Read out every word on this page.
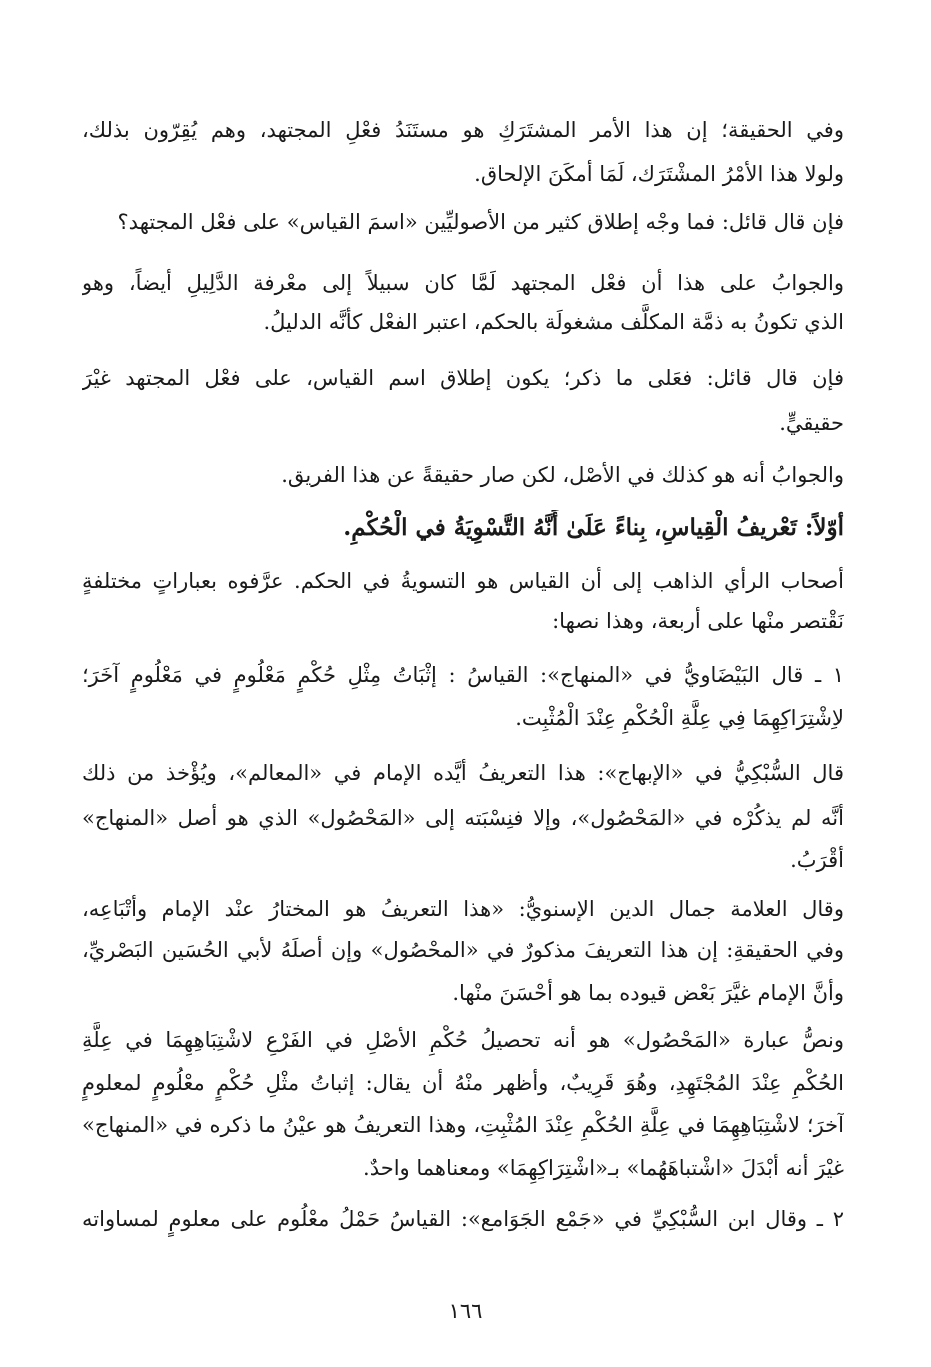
وفي الحقيقة؛ إن هذا الأمر المشتَرَكِ هو مستَنَدُ فعْلِ المجتهد، وهم يُقِرّون بذلك،
ولولا هذا الأمْرُ المشْتَرَك، لَمَا أمكَنَ الإلحاق.
فإن قال قائل: فما وجْه إطلاق كثير من الأصوليِّين «اسمَ القياس» على فعْل المجتهد؟
والجوابُ على هذا أن فعْل المجتهد لَمَّا كان سبيلاً إلى معْرفة الدَّلِيلِ أيضاً، وهو
الذي تكونُ به ذمَّة المكلَّف مشغولَة بالحكم، اعتبر الفعْل كأنَّه الدليلُ.
فإن قال قائل: فعَلى ما ذكر؛ يكون إطلاق اسم القياس، على فعْل المجتهد غيْرَ
حقيقيٍّ.
والجوابُ أنه هو كذلك في الأصْل، لكن صار حقيقةً عن هذا الفريق.
أوّلاً: تَعْريفُ الْقِياسِ، بِناءً عَلَىٰ أَنَّهُ التَّسْوِيَةُ في الْحُكْمِ.
أصحاب الرأي الذاهب إلى أن القياس هو التسويةُ في الحكم. عرَّفوه بعباراتٍ مختلفةٍ
نَقْتصر منْها على أربعة، وهذا نصها:
١ ـ قال البَيْضَاويُّ في «المنهاج»: القياسُ : إثْبَاتُ مِثْلِ حُكْمٍ مَعْلُومٍ في مَعْلُومٍ آخَرَ؛
لاِشْتِرَاكِهِمَا فِي عِلَّةِ الْحُكْمِ عِنْدَ الْمُثْبِت.
قال السُّبْكِيُّ في «الإبهاج»: هذا التعريفُ أيَّده الإمام في «المعالم»، ويُؤْخذ من ذلك
أنَّه لم يذكُرْه في «المَحْصُول»، وإلا فنِسْبَته إلى «المَحْصُول» الذي هو أصل «المنهاج»
أقْرَبُ.
وقال العلامة جمال الدين الإسنويُّ: «هذا التعريفُ هو المختارُ عنْد الإمام وأتْبَاعِه،
وفي الحقيقةِ: إن هذا التعريفَ مذكورٌ في «المحْصُول» وإن أصلَهُ لأبي الحُسَين البَصْريِّ،
وأنَّ الإمام غيَّرَ بَعْض قيوده بما هو أحْسَنَ منْها.
ونصُّ عبارة «المَحْصُول» هو أنه تحصيلُ حُكْمِ الأصْلِ في الفَرْعِ لاشْتِبَاهِهِمَا في عِلَّةِ
الحُكْمِ عِنْدَ المُجْتَهِدِ، وهُوَ قَرِيبٌ، وأظهر منْهُ أن يقال: إثباتُ مثْلِ حُكْمٍ معْلُومٍ لمعلومٍ
آخرَ؛ لاشْتِبَاهِهِمَا في عِلَّةِ الحُكْمِ عِنْدَ المُثْبِتِ، وهذا التعريفُ هو عيْنُ ما ذكره في «المنهاج»
غيْرَ أنه أبْدَلَ «اشْتباهَهُما» بـ«اشْتِرَاكِهِمَا» ومعناهما واحدٌ.
٢ ـ وقال ابن السُّبْكِيِّ في «جَمْع الجَوَامع»: القياسُ حَمْلُ معْلُوم على معلومٍ لمساواته
١٦٦
